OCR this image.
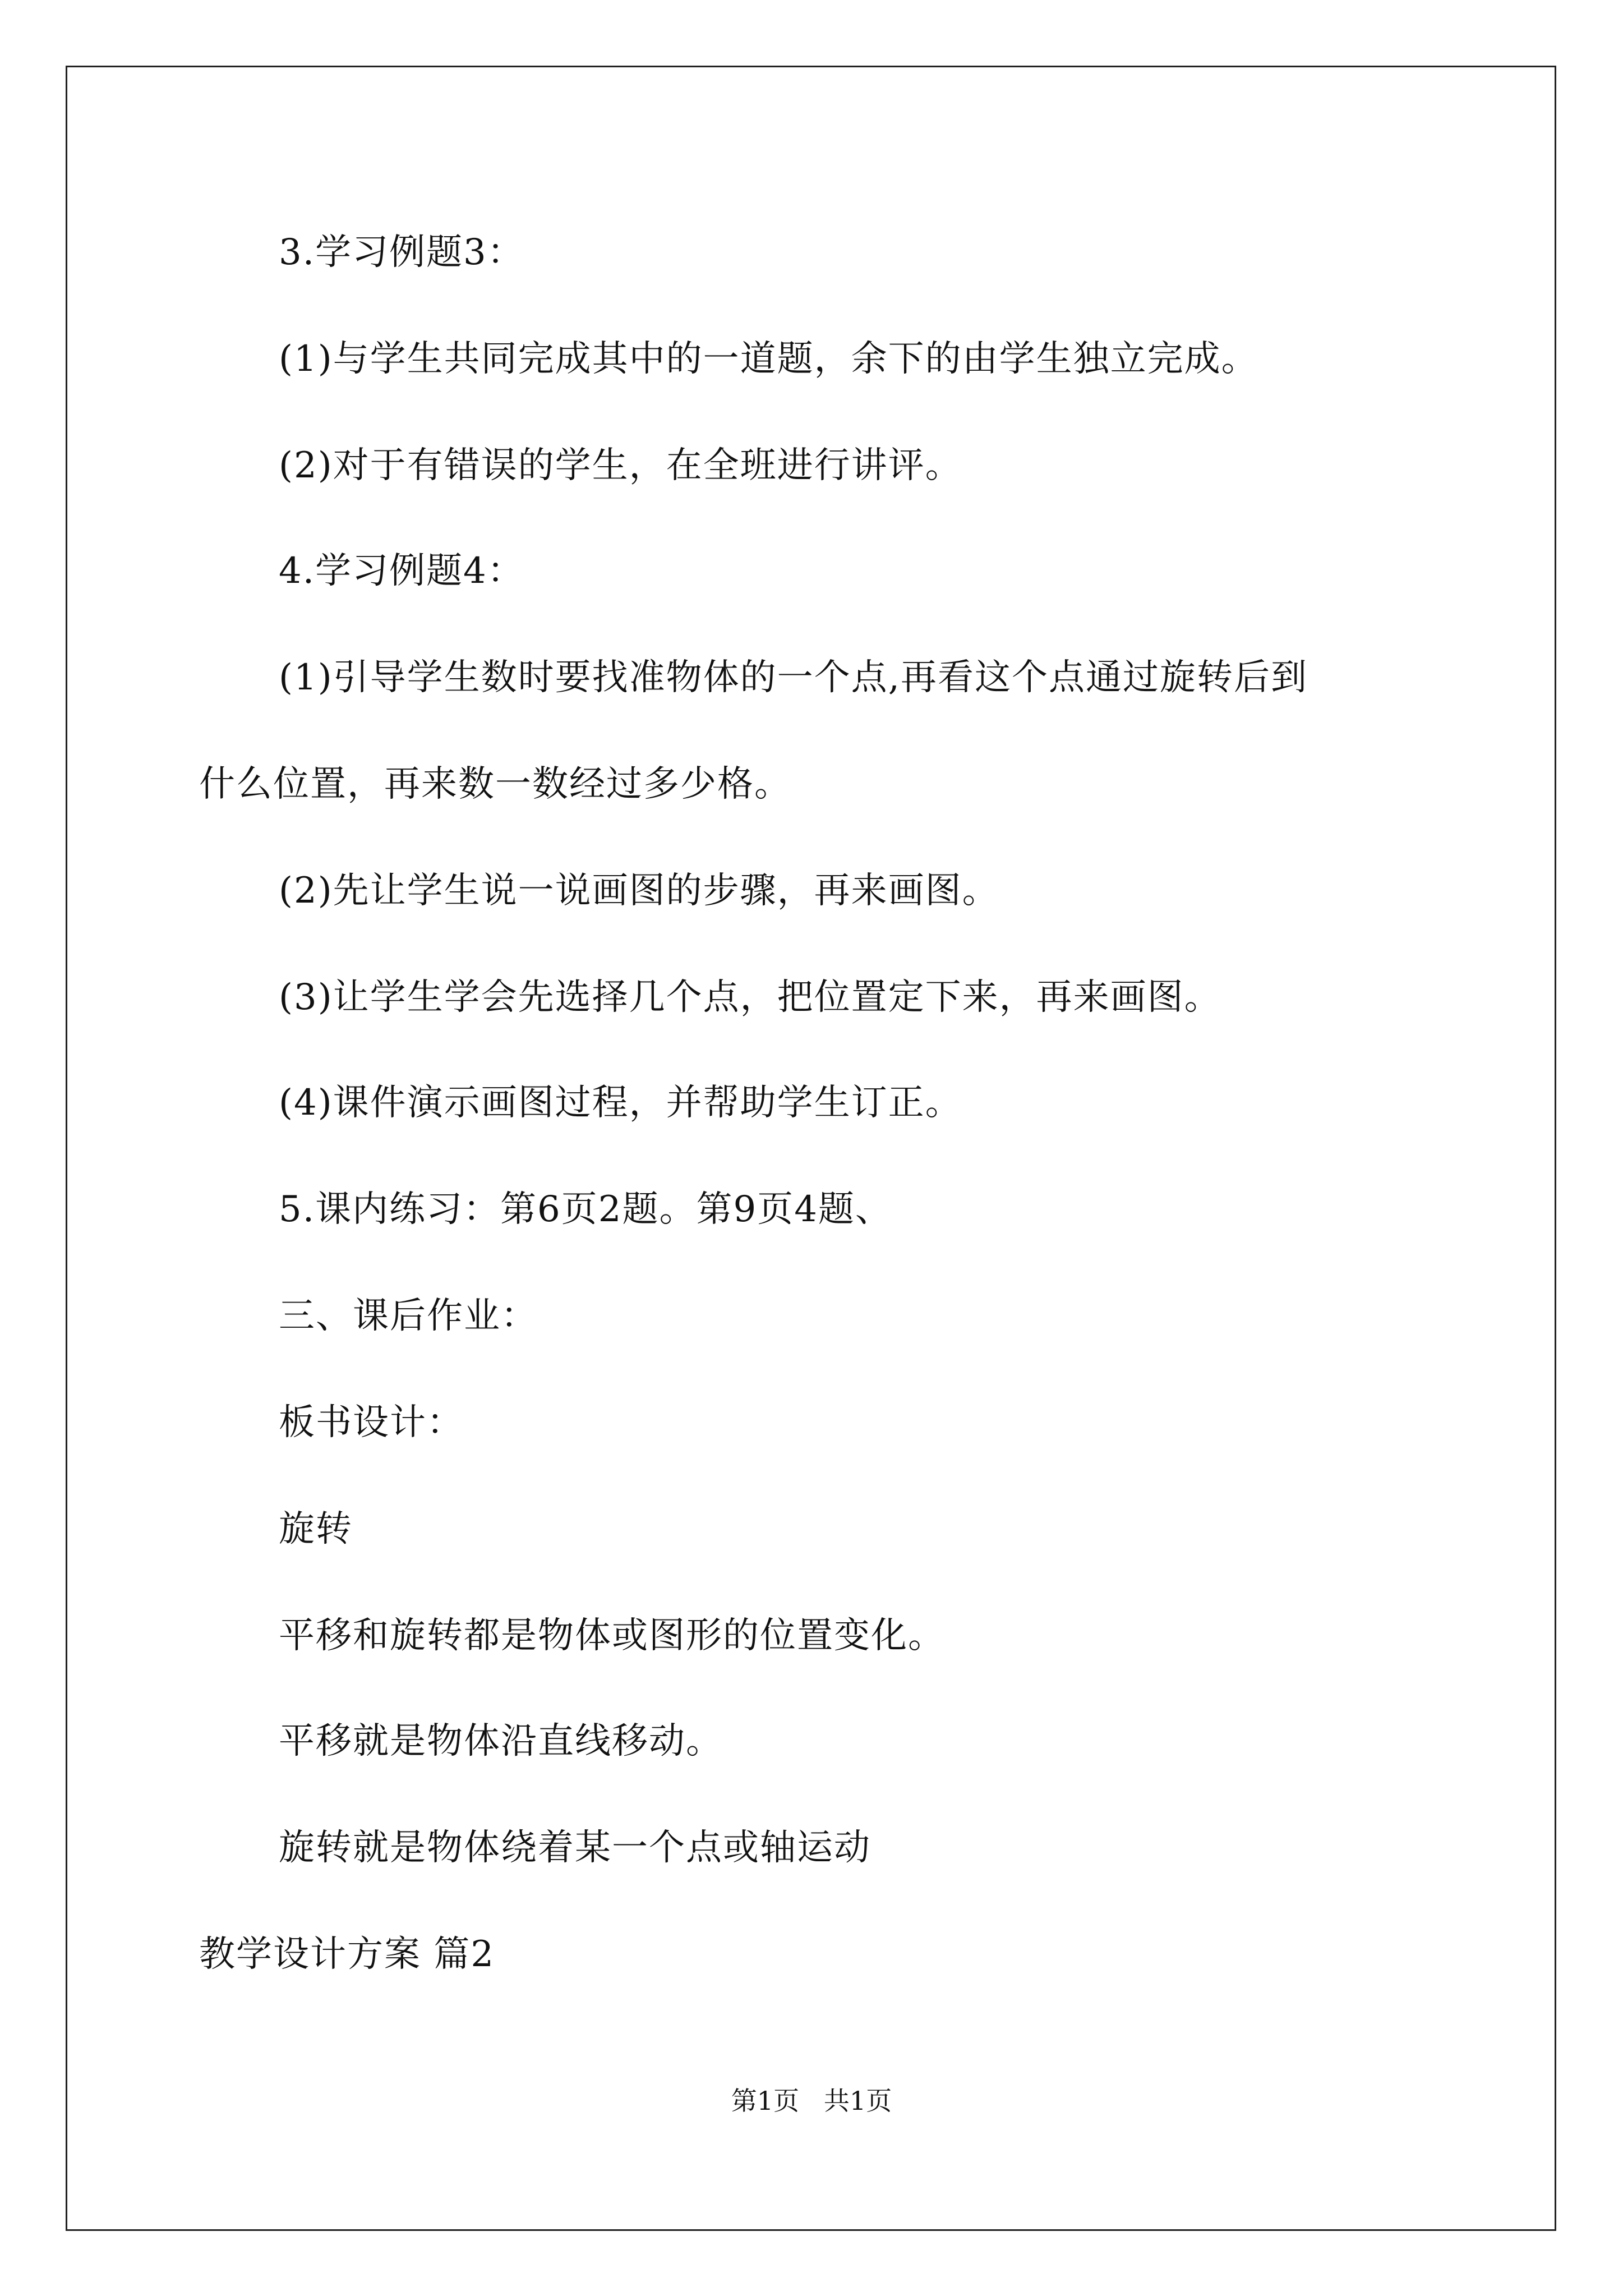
3.学习例题3：
(1)与学生共同完成其中的一道题，余下的由学生独立完成。
(2)对于有错误的学生，在全班进行讲评。
4.学习例题4：
(1)引导学生数时要找准物体的一个点,再看这个点通过旋转后到
什么位置，再来数一数经过多少格。
(2)先让学生说一说画图的步骤，再来画图。
(3)让学生学会先选择几个点，把位置定下来，再来画图。
(4)课件演示画图过程，并帮助学生订正。
5.课内练习：第6页2题。第9页4题、
三、课后作业：
板书设计：
旋转
平移和旋转都是物体或图形的位置变化。
平移就是物体沿直线移动。
旋转就是物体绕着某一个点或轴运动
教学设计方案 篇2
第1页   共1页
